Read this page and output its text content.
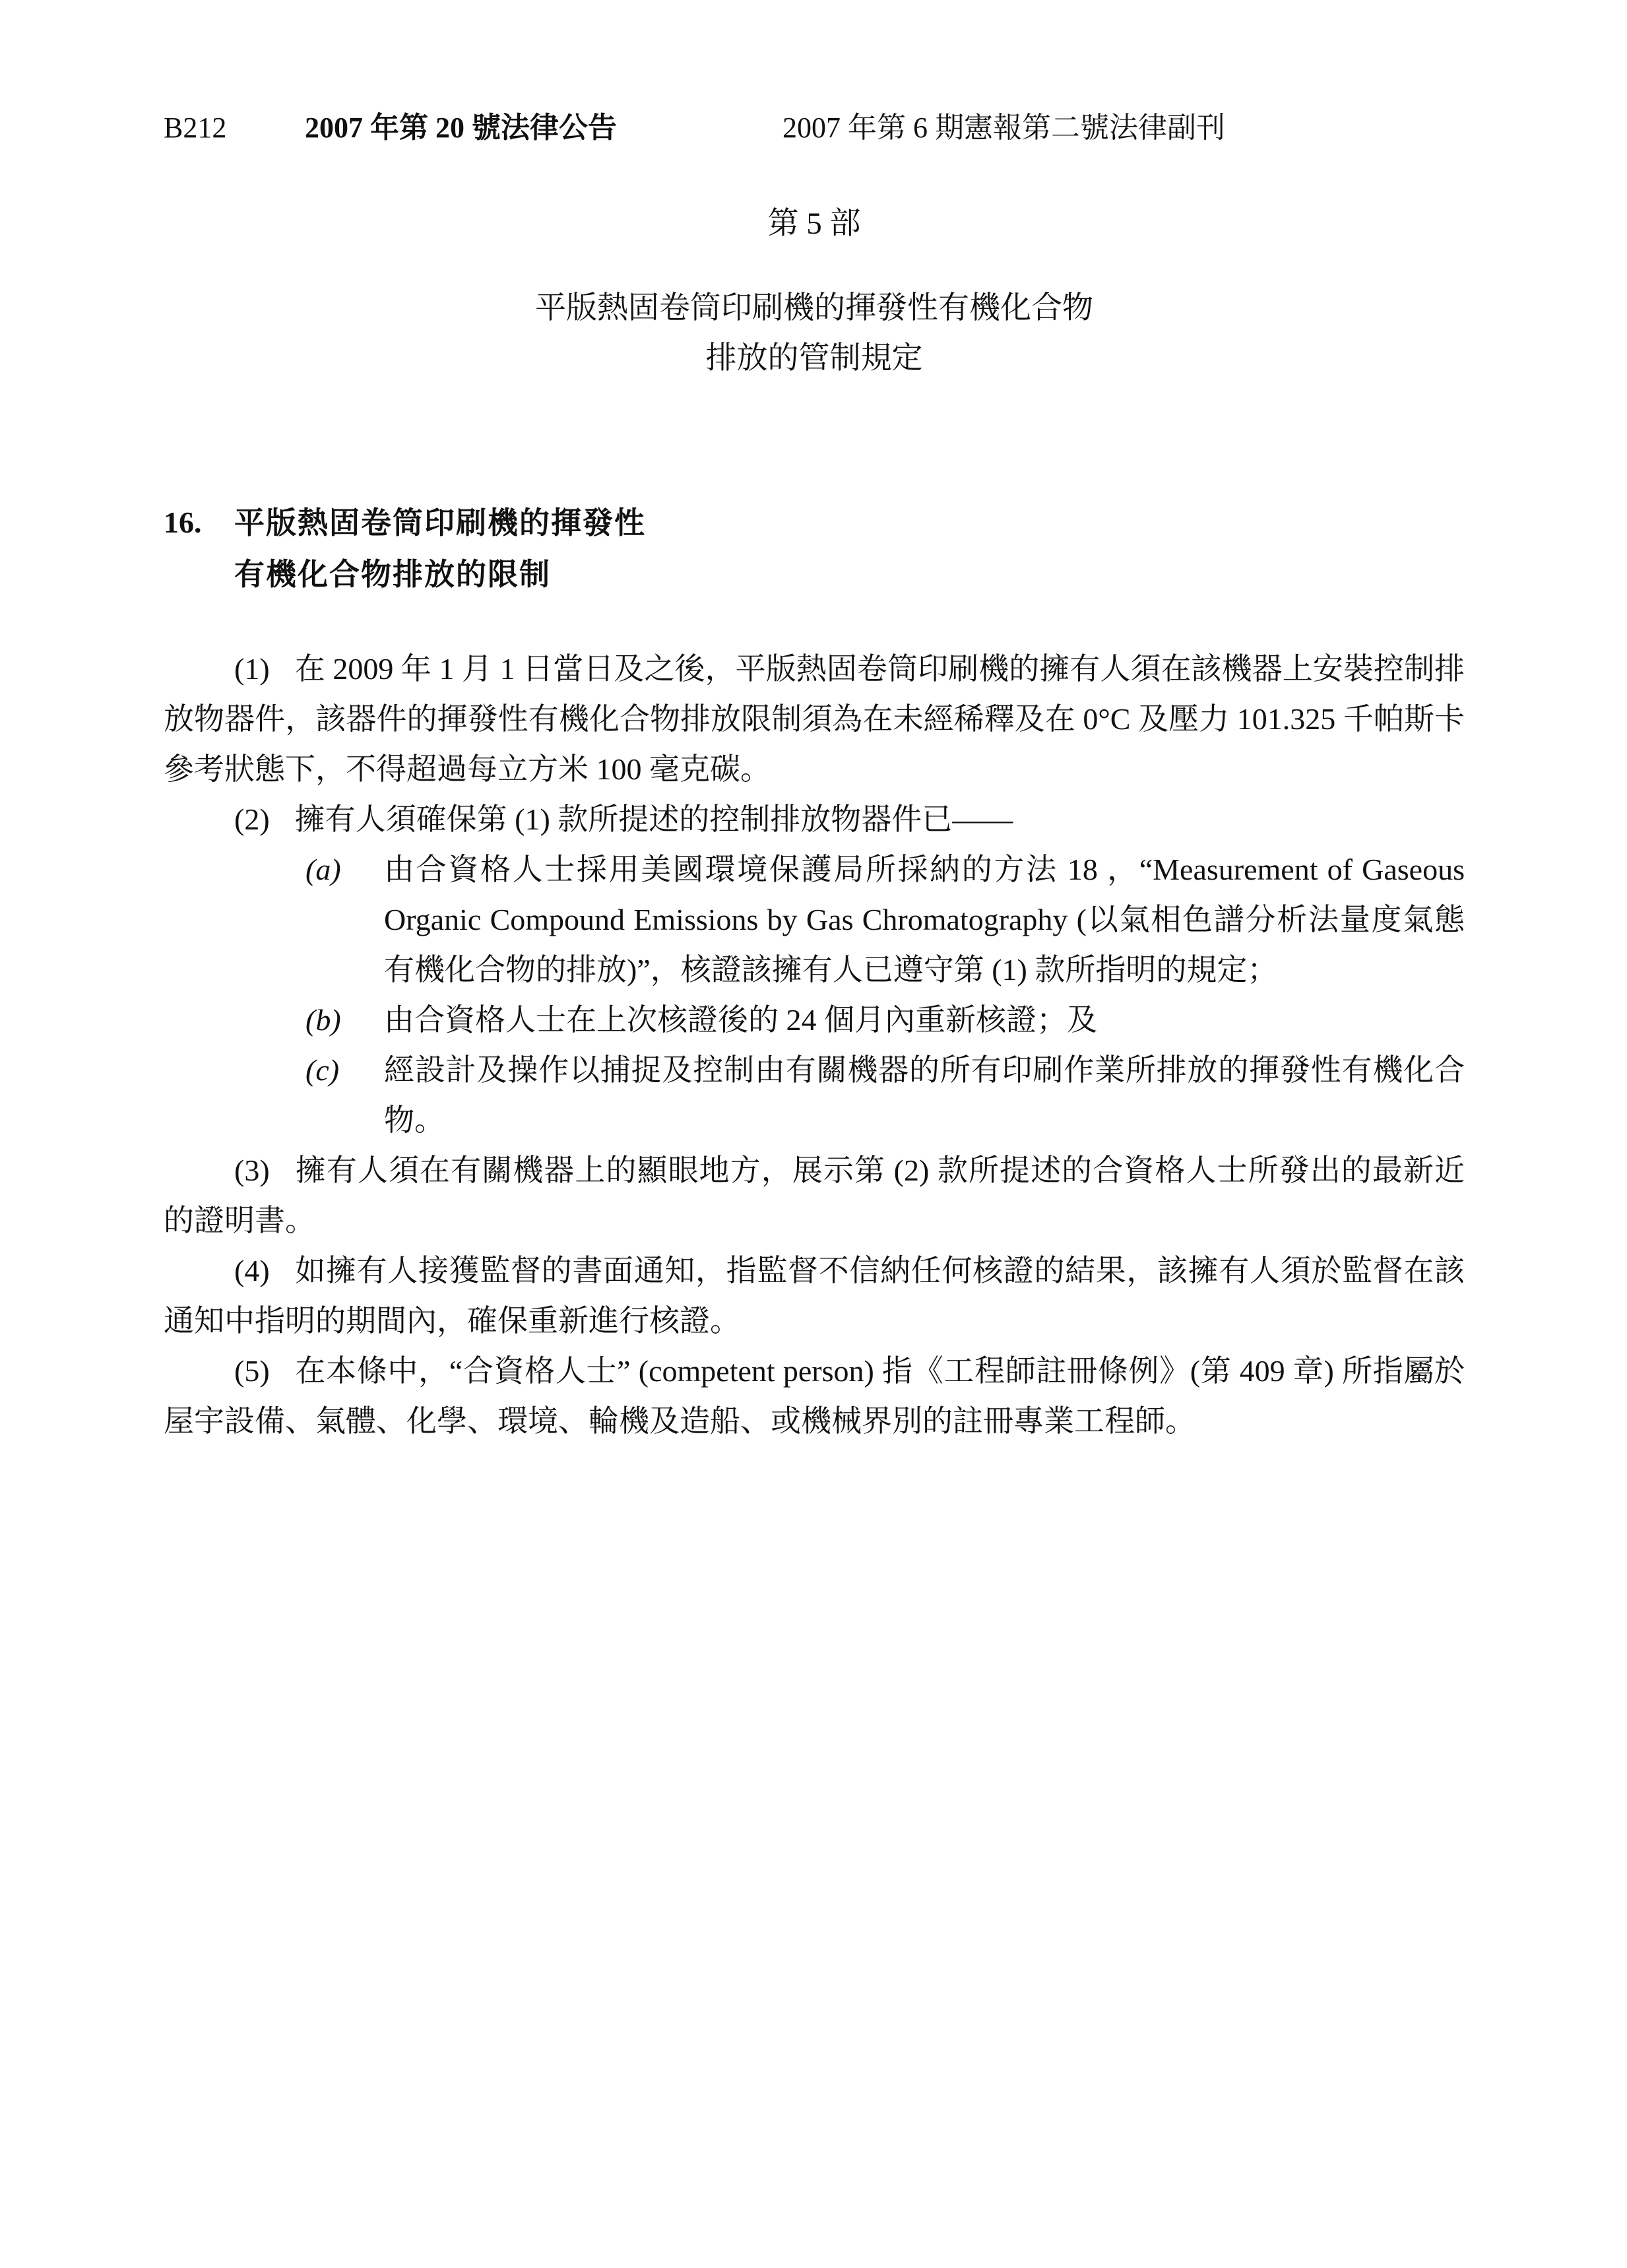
B212	2007 年第 20 號法律公告	2007 年第 6 期憲報第二號法律副刊
第 5 部
平版熱固卷筒印刷機的揮發性有機化合物
排放的管制規定
16.	平版熱固卷筒印刷機的揮發性
有機化合物排放的限制

(1) 在 2009 年 1 月 1 日當日及之後，平版熱固卷筒印刷機的擁有人須在該機器上安裝控制排放物器件，該器件的揮發性有機化合物排放限制須為在未經稀釋及在 0°C 及壓力 101.325 千帕斯卡參考狀態下，不得超過每立方米 100 毫克碳。

(2) 擁有人須確保第 (1) 款所提述的控制排放物器件已——

(a)	由合資格人士採用美國環境保護局所採納的方法 18 ，“Measurement of Gaseous Organic Compound Emissions by Gas Chromatography (以氣相色譜分析法量度氣態有機化合物的排放)”，核證該擁有人已遵守第 (1) 款所指明的規定；
(b)	由合資格人士在上次核證後的 24 個月內重新核證；及
(c)	經設計及操作以捕捉及控制由有關機器的所有印刷作業所排放的揮發性有機化合物。

(3) 擁有人須在有關機器上的顯眼地方，展示第 (2) 款所提述的合資格人士所發出的最新近的證明書。

(4) 如擁有人接獲監督的書面通知，指監督不信納任何核證的結果，該擁有人須於監督在該通知中指明的期間內，確保重新進行核證。

(5) 在本條中，“合資格人士” (competent person) 指《工程師註冊條例》(第 409 章) 所指屬於屋宇設備、氣體、化學、環境、輪機及造船、或機械界別的註冊專業工程師。
